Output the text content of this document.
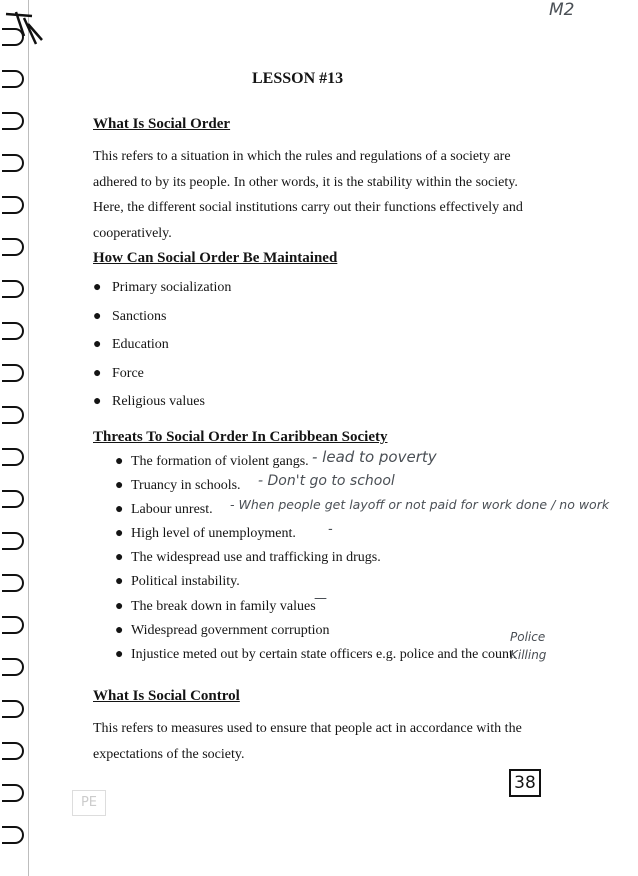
M2
LESSON #13
What Is Social Order
This refers to a situation in which the rules and regulations of a society are
adhered to by its people. In other words, it is the stability within the society.
Here, the different social institutions carry out their functions effectively and
cooperatively.
How Can Social Order Be Maintained
● Primary socialization
● Sanctions
● Education
● Force
● Religious values
Threats To Social Order In Caribbean Society
● The formation of violent gangs.
● Truancy in schools.
● Labour unrest.
● High level of unemployment.
● The widespread use and trafficking in drugs.
● Political instability.
● The break down in family values
● Widespread government corruption
● Injustice meted out by certain state officers e.g. police and the count.
- lead to poverty
- Don't go to school
- When people get layoff or not paid for work done / no work
-
—
Police
Killing
What Is Social Control
This refers to measures used to ensure that people act in accordance with the
expectations of the society.
PE
38
